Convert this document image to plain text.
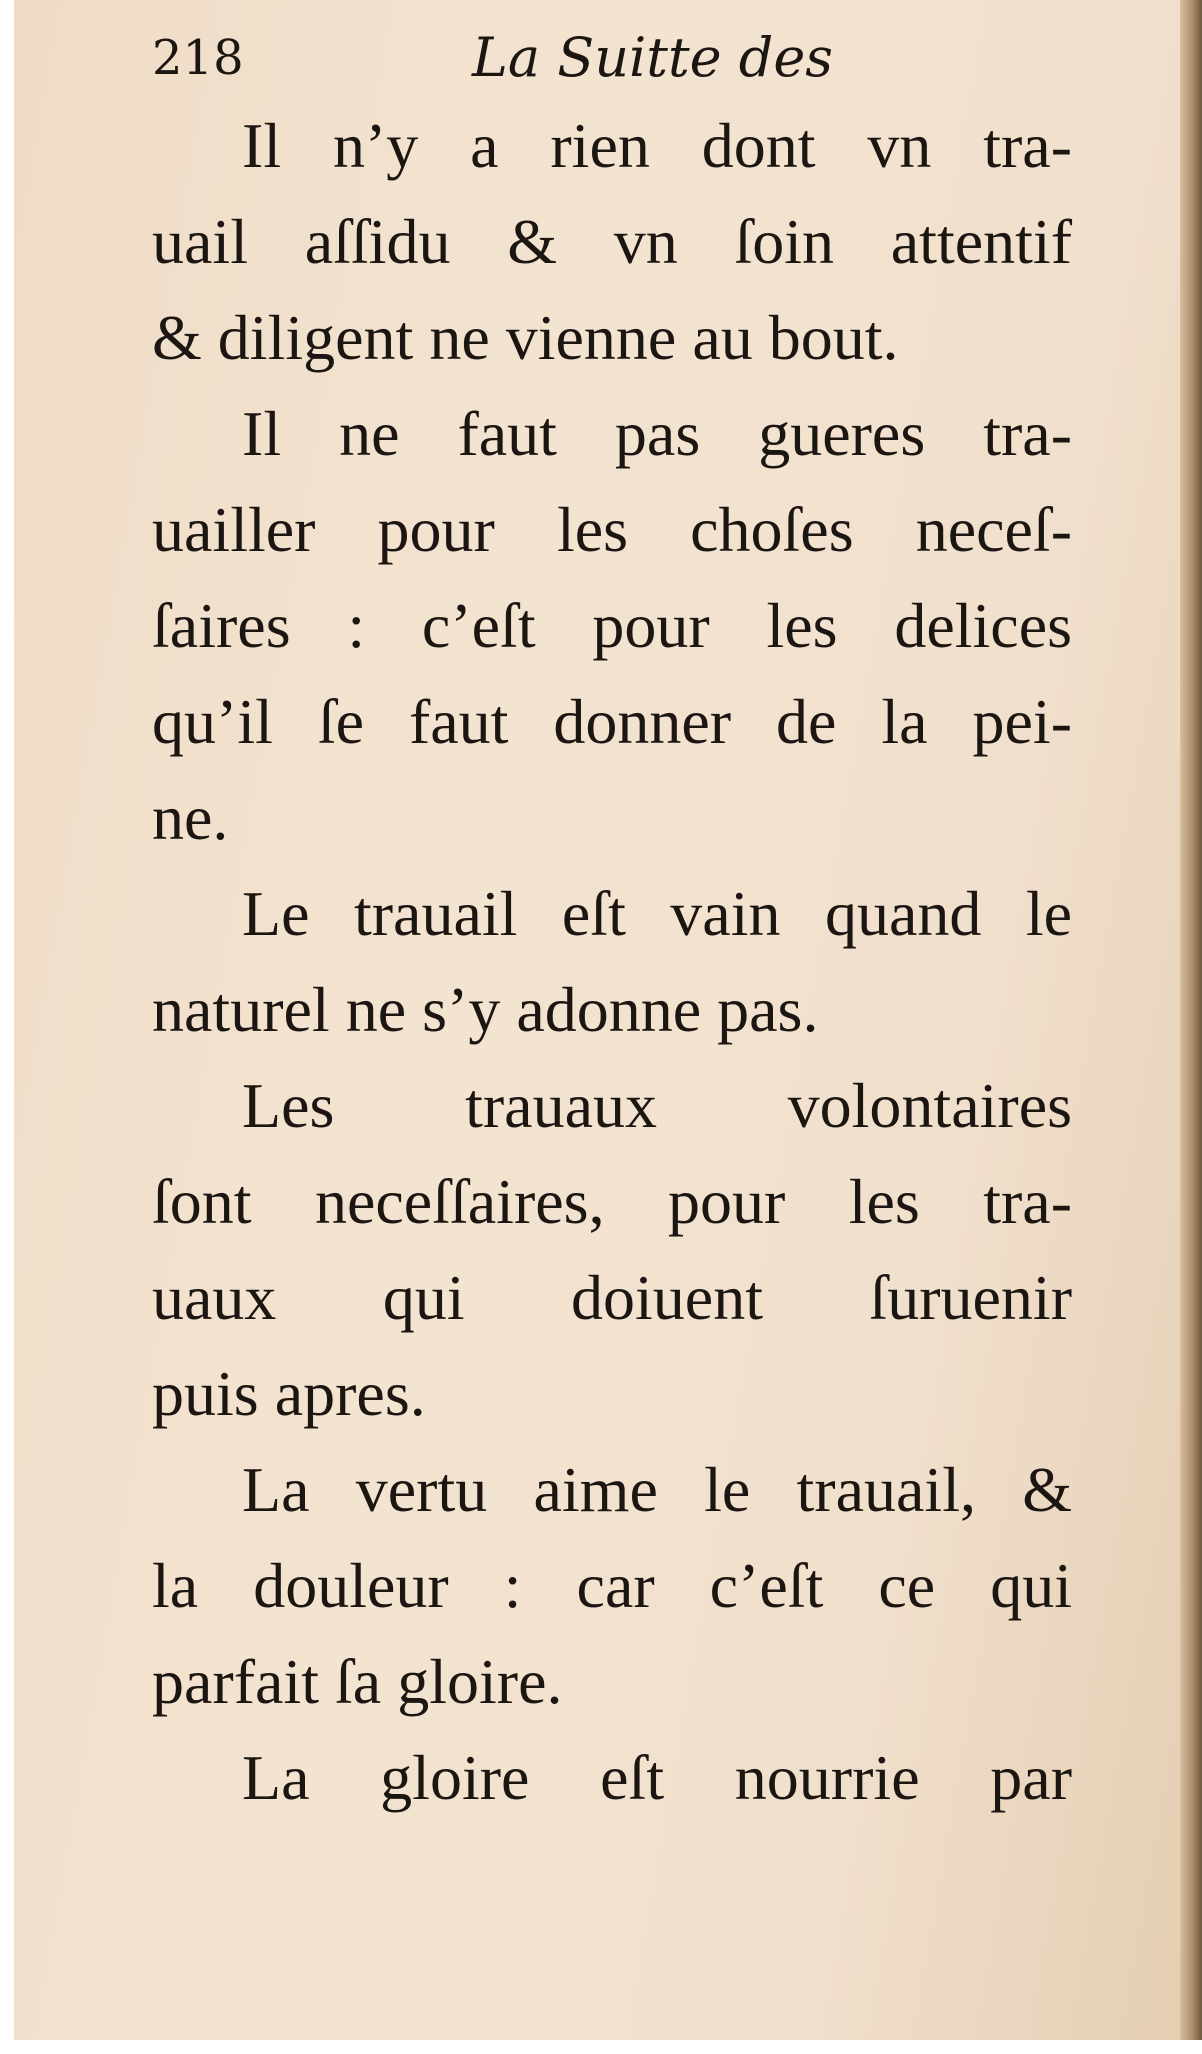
218	La Suitte des
Il n’y a rien dont vn tra-
uail aſſidu & vn ſoin attentif
& diligent ne vienne au bout.
Il ne faut pas gueres tra-
uailler pour les choſes neceſ-
ſaires : c’eſt pour les delices
qu’il ſe faut donner de la pei-
ne.
Le trauail eſt vain quand le
naturel ne s’y adonne pas.
Les trauaux volontaires
ſont neceſſaires, pour les tra-
uaux qui doiuent ſuruenir
puis apres.
La vertu aime le trauail, &
la douleur : car c’eſt ce qui
parfait ſa gloire.
La gloire eſt nourrie par
